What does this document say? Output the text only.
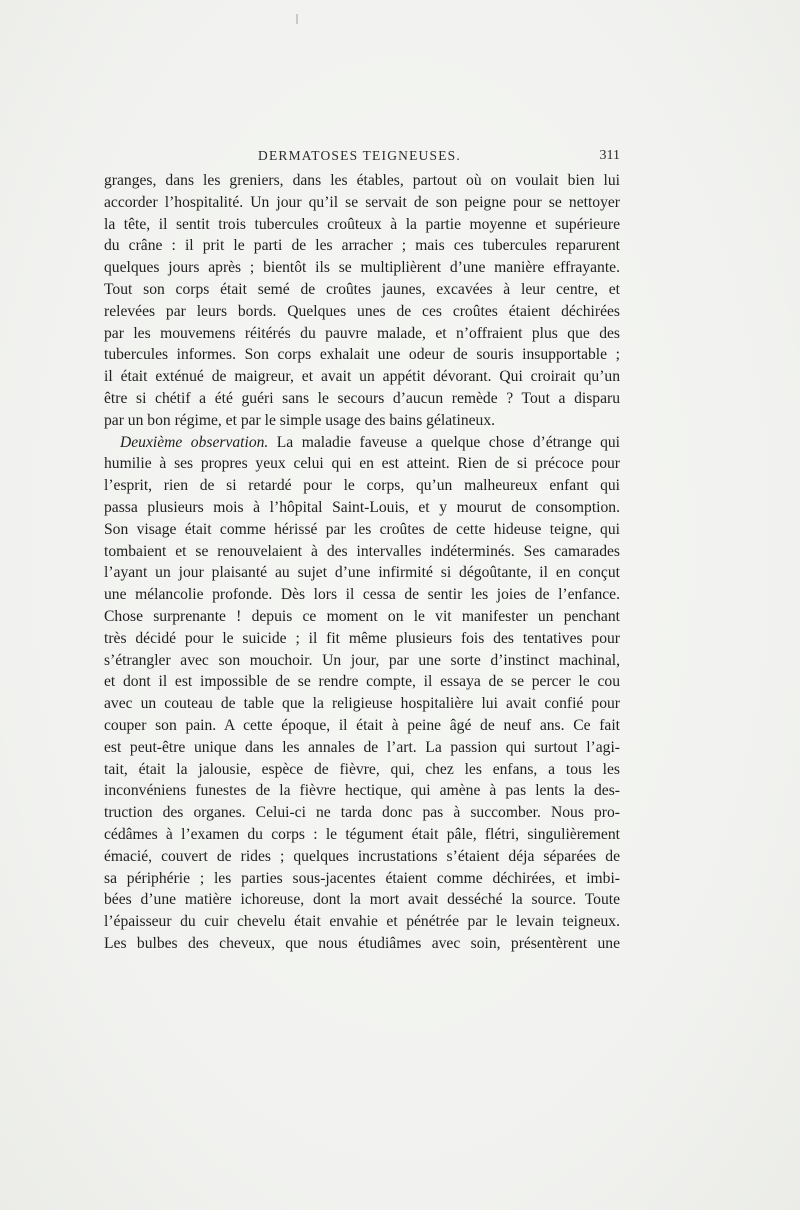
DERMATOSES TEIGNEUSES.	311
granges, dans les greniers, dans les étables, partout où on voulait bien lui
accorder l’hospitalité. Un jour qu’il se servait de son peigne pour se nettoyer
la tête, il sentit trois tubercules croûteux à la partie moyenne et supérieure
du crâne : il prit le parti de les arracher ; mais ces tubercules reparurent
quelques jours après ; bientôt ils se multiplièrent d’une manière effrayante.
Tout son corps était semé de croûtes jaunes, excavées à leur centre, et
relevées par leurs bords. Quelques unes de ces croûtes étaient déchirées
par les mouvemens réitérés du pauvre malade, et n’offraient plus que des
tubercules informes. Son corps exhalait une odeur de souris insupportable ;
il était exténué de maigreur, et avait un appétit dévorant. Qui croirait qu’un
être si chétif a été guéri sans le secours d’aucun remède ? Tout a disparu
par un bon régime, et par le simple usage des bains gélatineux.
Deuxième observation. La maladie faveuse a quelque chose d’étrange qui
humilie à ses propres yeux celui qui en est atteint. Rien de si précoce pour
l’esprit, rien de si retardé pour le corps, qu’un malheureux enfant qui
passa plusieurs mois à l’hôpital Saint-Louis, et y mourut de consomption.
Son visage était comme hérissé par les croûtes de cette hideuse teigne, qui
tombaient et se renouvelaient à des intervalles indéterminés. Ses camarades
l’ayant un jour plaisanté au sujet d’une infirmité si dégoûtante, il en conçut
une mélancolie profonde. Dès lors il cessa de sentir les joies de l’enfance.
Chose surprenante ! depuis ce moment on le vit manifester un penchant
très décidé pour le suicide ; il fit même plusieurs fois des tentatives pour
s’étrangler avec son mouchoir. Un jour, par une sorte d’instinct machinal,
et dont il est impossible de se rendre compte, il essaya de se percer le cou
avec un couteau de table que la religieuse hospitalière lui avait confié pour
couper son pain. A cette époque, il était à peine âgé de neuf ans. Ce fait
est peut-être unique dans les annales de l’art. La passion qui surtout l’agi-
tait, était la jalousie, espèce de fièvre, qui, chez les enfans, a tous les
inconvéniens funestes de la fièvre hectique, qui amène à pas lents la des-
truction des organes. Celui-ci ne tarda donc pas à succomber. Nous pro-
cédâmes à l’examen du corps : le tégument était pâle, flétri, singulièrement
émacié, couvert de rides ; quelques incrustations s’étaient déja séparées de
sa périphérie ; les parties sous-jacentes étaient comme déchirées, et imbi-
bées d’une matière ichoreuse, dont la mort avait desséché la source. Toute
l’épaisseur du cuir chevelu était envahie et pénétrée par le levain teigneux.
Les bulbes des cheveux, que nous étudiâmes avec soin, présentèrent une
